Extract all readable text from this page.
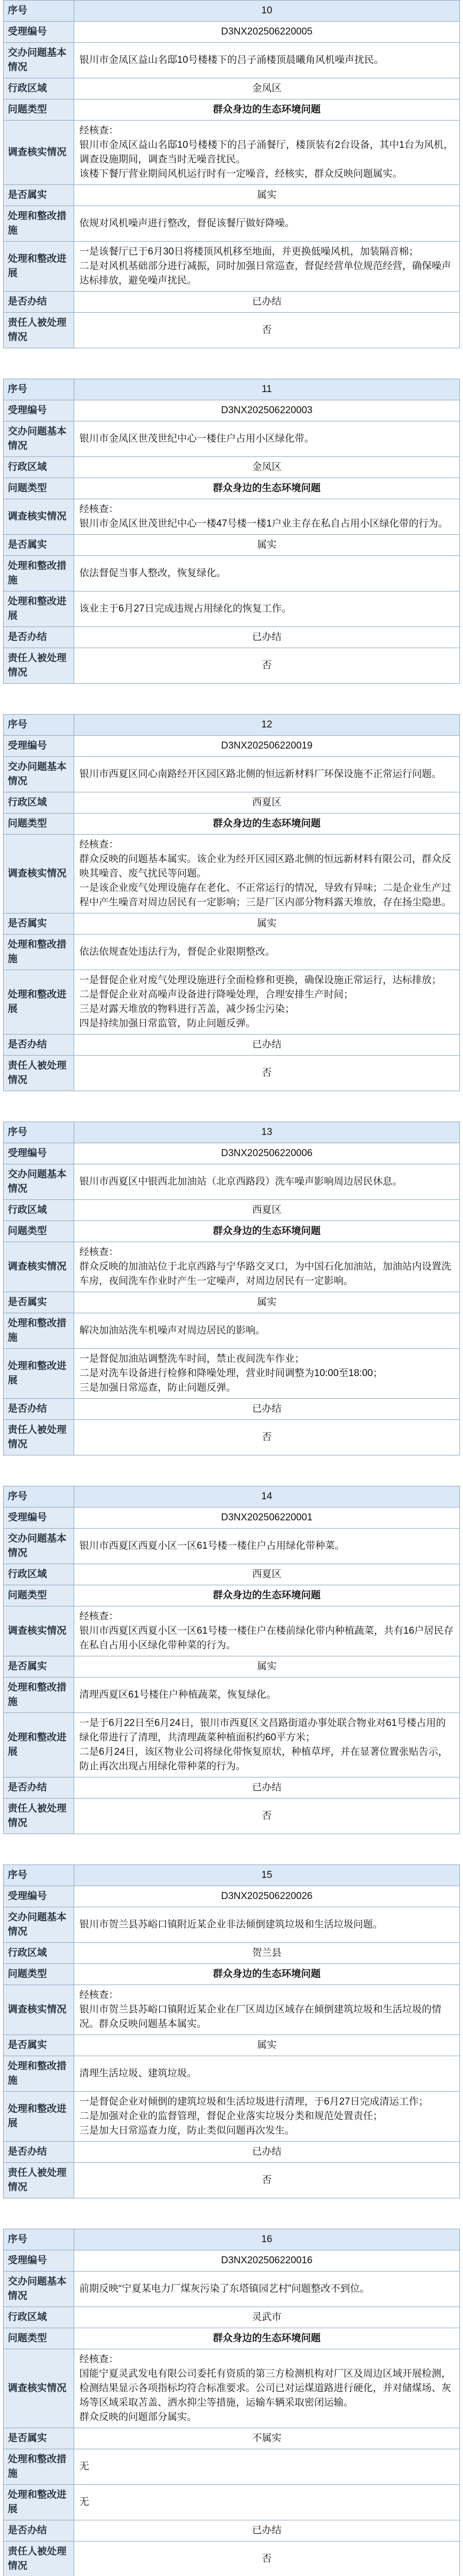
序号	10
受理编号	D3NX202506220005
交办问题基本情况	银川市金凤区益山名邸10号楼楼下的吕子涌楼顶晨曦角风机噪声扰民。
行政区域	金凤区
问题类型	群众身边的生态环境问题
调查核实情况	经核查：
银川市金凤区益山名邸10号楼楼下的吕子涌餐厅，楼顶装有2台设备，其中1台为风机，调查设施期间，调查当时无噪音扰民。
该楼下餐厅营业期间风机运行时有一定噪音，经核实，群众反映问题属实。
是否属实	属实
处理和整改措施	依规对风机噪声进行整改，督促该餐厅做好降噪。
处理和整改进展	一是该餐厅已于6月30日将楼顶风机移至地面，并更换低噪风机，加装隔音棉；
二是对风机基础部分进行减振，同时加强日常巡查，督促经营单位规范经营，确保噪声达标排放，避免噪声扰民。
是否办结	已办结
责任人被处理情况	否
序号	11
受理编号	D3NX202506220003
交办问题基本情况	银川市金凤区世茂世纪中心一楼住户占用小区绿化带。
行政区域	金凤区
问题类型	群众身边的生态环境问题
调查核实情况	经核查：
银川市金凤区世茂世纪中心一楼47号楼一楼1户业主存在私自占用小区绿化带的行为。
是否属实	属实
处理和整改措施	依法督促当事人整改，恢复绿化。
处理和整改进展	该业主于6月27日完成违规占用绿化的恢复工作。
是否办结	已办结
责任人被处理情况	否
序号	12
受理编号	D3NX202506220019
交办问题基本情况	银川市西夏区同心南路经开区园区路北侧的恒远新材料厂环保设施不正常运行问题。
行政区域	西夏区
问题类型	群众身边的生态环境问题
调查核实情况	经核查：
群众反映的问题基本属实。该企业为经开区园区路北侧的恒远新材料有限公司，群众反映其噪音、废气扰民等问题。
一是该企业废气处理设施存在老化、不正常运行的情况，导致有异味；二是企业生产过程中产生噪音对周边居民有一定影响；三是厂区内部分物料露天堆放，存在扬尘隐患。
是否属实	属实
处理和整改措施	依法依规查处违法行为，督促企业限期整改。
处理和整改进展	一是督促企业对废气处理设施进行全面检修和更换，确保设施正常运行，达标排放；
二是督促企业对高噪声设备进行降噪处理，合理安排生产时间；
三是对露天堆放的物料进行苫盖，减少扬尘污染；
四是持续加强日常监管，防止问题反弹。
是否办结	已办结
责任人被处理情况	否
序号	13
受理编号	D3NX202506220006
交办问题基本情况	银川市西夏区中银西北加油站（北京西路段）洗车噪声影响周边居民休息。
行政区域	西夏区
问题类型	群众身边的生态环境问题
调查核实情况	经核查：
群众反映的加油站位于北京西路与宁华路交叉口，为中国石化加油站，加油站内设置洗车房，夜间洗车作业时产生一定噪声，对周边居民有一定影响。
是否属实	属实
处理和整改措施	解决加油站洗车机噪声对周边居民的影响。
处理和整改进展	一是督促加油站调整洗车时间，禁止夜间洗车作业；
二是对洗车设备进行检修和降噪处理，营业时间调整为10:00至18:00；
三是加强日常巡查，防止问题反弹。
是否办结	已办结
责任人被处理情况	否
序号	14
受理编号	D3NX202506220001
交办问题基本情况	银川市西夏区西夏小区一区61号楼一楼住户占用绿化带种菜。
行政区域	西夏区
问题类型	群众身边的生态环境问题
调查核实情况	经核查：
银川市西夏区西夏小区一区61号楼一楼住户在楼前绿化带内种植蔬菜，共有16户居民存在私自占用小区绿化带种菜的行为。
是否属实	属实
处理和整改措施	清理西夏区61号楼住户种植蔬菜，恢复绿化。
处理和整改进展	一是于6月22日至6月24日，银川市西夏区文昌路街道办事处联合物业对61号楼占用的绿化带进行了清理，共清理蔬菜种植面积约60平方米；
二是6月24日，该区物业公司将绿化带恢复原状，种植草坪，并在显著位置张贴告示，防止再次出现占用绿化带种菜的行为。
是否办结	已办结
责任人被处理情况	否
序号	15
受理编号	D3NX202506220026
交办问题基本情况	银川市贺兰县苏峪口镇附近某企业非法倾倒建筑垃圾和生活垃圾问题。
行政区域	贺兰县
问题类型	群众身边的生态环境问题
调查核实情况	经核查：
银川市贺兰县苏峪口镇附近某企业在厂区周边区域存在倾倒建筑垃圾和生活垃圾的情况。群众反映问题基本属实。
是否属实	属实
处理和整改措施	清理生活垃圾、建筑垃圾。
处理和整改进展	一是督促企业对倾倒的建筑垃圾和生活垃圾进行清理，于6月27日完成清运工作；
二是加强对企业的监督管理，督促企业落实垃圾分类和规范处置责任；
三是加大日常巡查力度，防止类似问题再次发生。
是否办结	已办结
责任人被处理情况	否
序号	16
受理编号	D3NX202506220016
交办问题基本情况	前期反映“宁夏某电力厂煤灰污染了东塔镇园艺村”问题整改不到位。
行政区域	灵武市
问题类型	群众身边的生态环境问题
调查核实情况	经核查：
国能宁夏灵武发电有限公司委托有资质的第三方检测机构对厂区及周边区域开展检测，检测结果显示各项指标均符合标准要求。公司已对运煤道路进行硬化，并对储煤场、灰场等区域采取苫盖、洒水抑尘等措施，运输车辆采取密闭运输。
群众反映的问题部分属实。
是否属实	不属实
处理和整改措施	无
处理和整改进展	无
是否办结	已办结
责任人被处理情况	否
